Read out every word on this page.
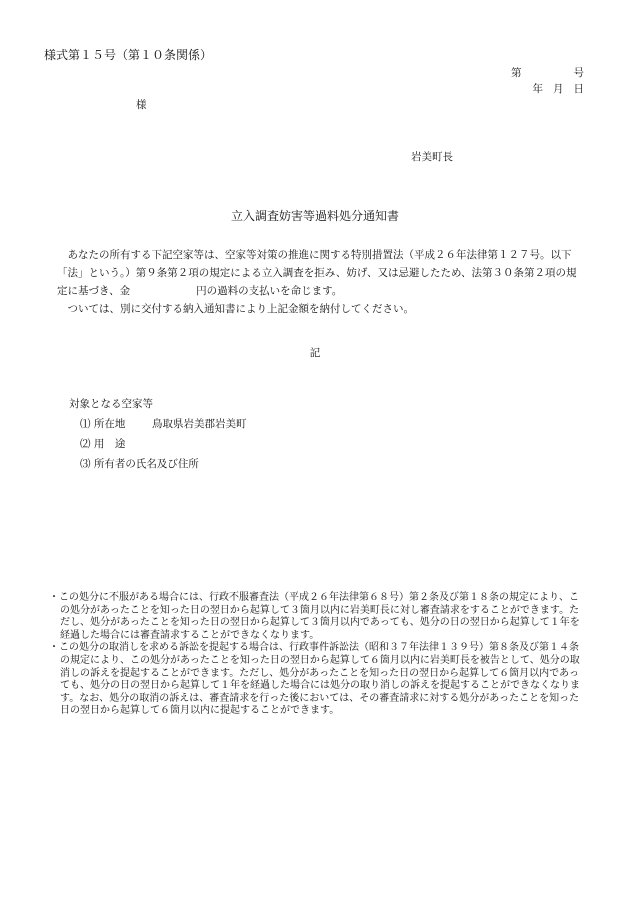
様式第１５号（第１０条関係）
第	号
年 月 日
様
岩美町長
立入調査妨害等過料処分通知書

あなたの所有する下記空家等は、空家等対策の推進に関する特別措置法（平成２６年法律第１２７号。以下「法」という。）第９条第２項の規定による立入調査を拒み、妨げ、又は忌避したため、法第３０条第２項の規定に基づき、金	円の過料の支払いを命じます。

ついては、別に交付する納入通知書により上記金額を納付してください。

記
対象となる空家等
⑴ 所在地	鳥取県岩美郡岩美町
⑵ 用　途
⑶ 所有者の氏名及び住所

・この処分に不服がある場合には、行政不服審査法（平成２６年法律第６８号）第２条及び第１８条の規定により、この処分があったことを知った日の翌日から起算して３箇月以内に岩美町長に対し審査請求をすることができます。ただし、処分があったことを知った日の翌日から起算して３箇月以内であっても、処分の日の翌日から起算して１年を経過した場合には審査請求することができなくなります。

・この処分の取消しを求める訴訟を提起する場合は、行政事件訴訟法（昭和３７年法律１３９号）第８条及び第１４条の規定により、この処分があったことを知った日の翌日から起算して６箇月以内に岩美町長を被告として、処分の取消しの訴えを提起することができます。ただし、処分があったことを知った日の翌日から起算して６箇月以内であっても、処分の日の翌日から起算して１年を経過した場合には処分の取り消しの訴えを提起することができなくなります。なお、処分の取消の訴えは、審査請求を行った後においては、その審査請求に対する処分があったことを知った日の翌日から起算して６箇月以内に提起することができます。
